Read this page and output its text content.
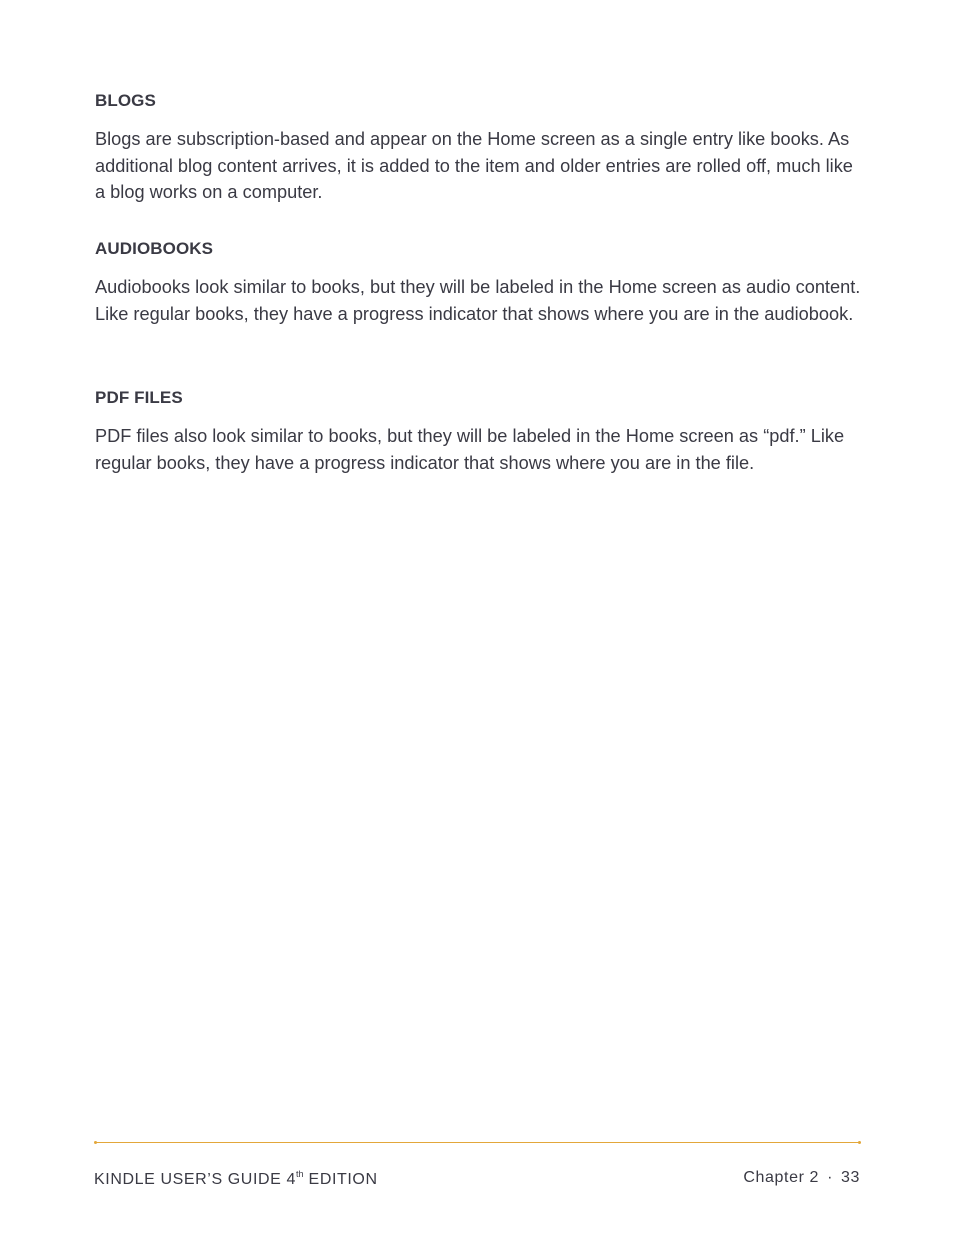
BLOGS

Blogs are subscription-based and appear on the Home screen as a single entry like books. As additional blog content arrives, it is added to the item and older entries are rolled off, much like a blog works on a computer.

AUDIOBOOKS

Audiobooks look similar to books, but they will be labeled in the Home screen as audio content. Like regular books, they have a progress indicator that shows where you are in the audiobook.

PDF FILES

PDF files also look similar to books, but they will be labeled in the Home screen as “pdf.” Like regular books, they have a progress indicator that shows where you are in the file.

KINDLE USER’S GUIDE 4th EDITION	Chapter 2 · 33
